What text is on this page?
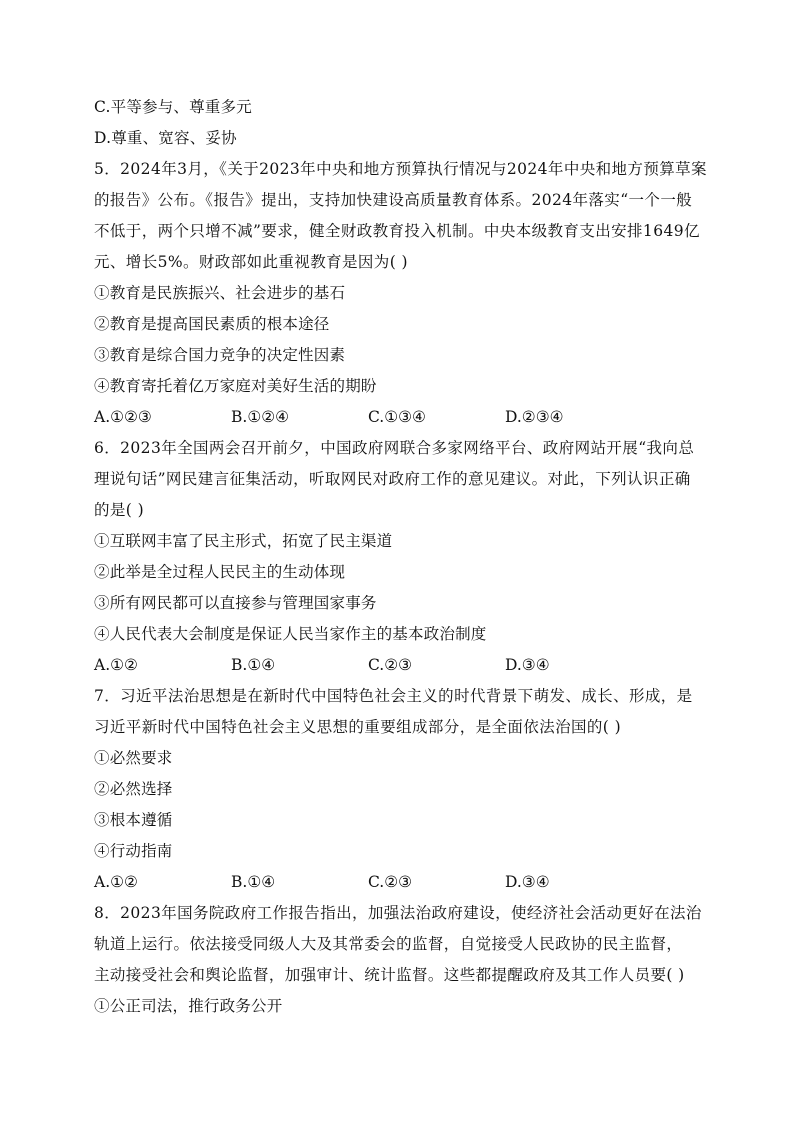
C.平等参与、尊重多元
D.尊重、宽容、妥协
5．2024年3月，《关于2023年中央和地方预算执行情况与2024年中央和地方预算草案
的报告》公布。《报告》提出，支持加快建设高质量教育体系。2024年落实“一个一般
不低于，两个只增不减”要求，健全财政教育投入机制。中央本级教育支出安排1649亿
元、增长5%。财政部如此重视教育是因为( )
①教育是民族振兴、社会进步的基石
②教育是提高国民素质的根本途径
③教育是综合国力竞争的决定性因素
④教育寄托着亿万家庭对美好生活的期盼
A.①②③	B.①②④	C.①③④	D.②③④
6．2023年全国两会召开前夕，中国政府网联合多家网络平台、政府网站开展“我向总
理说句话”网民建言征集活动，听取网民对政府工作的意见建议。对此，下列认识正确
的是( )
①互联网丰富了民主形式，拓宽了民主渠道
②此举是全过程人民民主的生动体现
③所有网民都可以直接参与管理国家事务
④人民代表大会制度是保证人民当家作主的基本政治制度
A.①②	B.①④	C.②③	D.③④
7．习近平法治思想是在新时代中国特色社会主义的时代背景下萌发、成长、形成，是
习近平新时代中国特色社会主义思想的重要组成部分，是全面依法治国的( )
①必然要求
②必然选择
③根本遵循
④行动指南
A.①②	B.①④	C.②③	D.③④
8．2023年国务院政府工作报告指出，加强法治政府建设，使经济社会活动更好在法治
轨道上运行。依法接受同级人大及其常委会的监督，自觉接受人民政协的民主监督，
主动接受社会和舆论监督，加强审计、统计监督。这些都提醒政府及其工作人员要( )
①公正司法，推行政务公开
